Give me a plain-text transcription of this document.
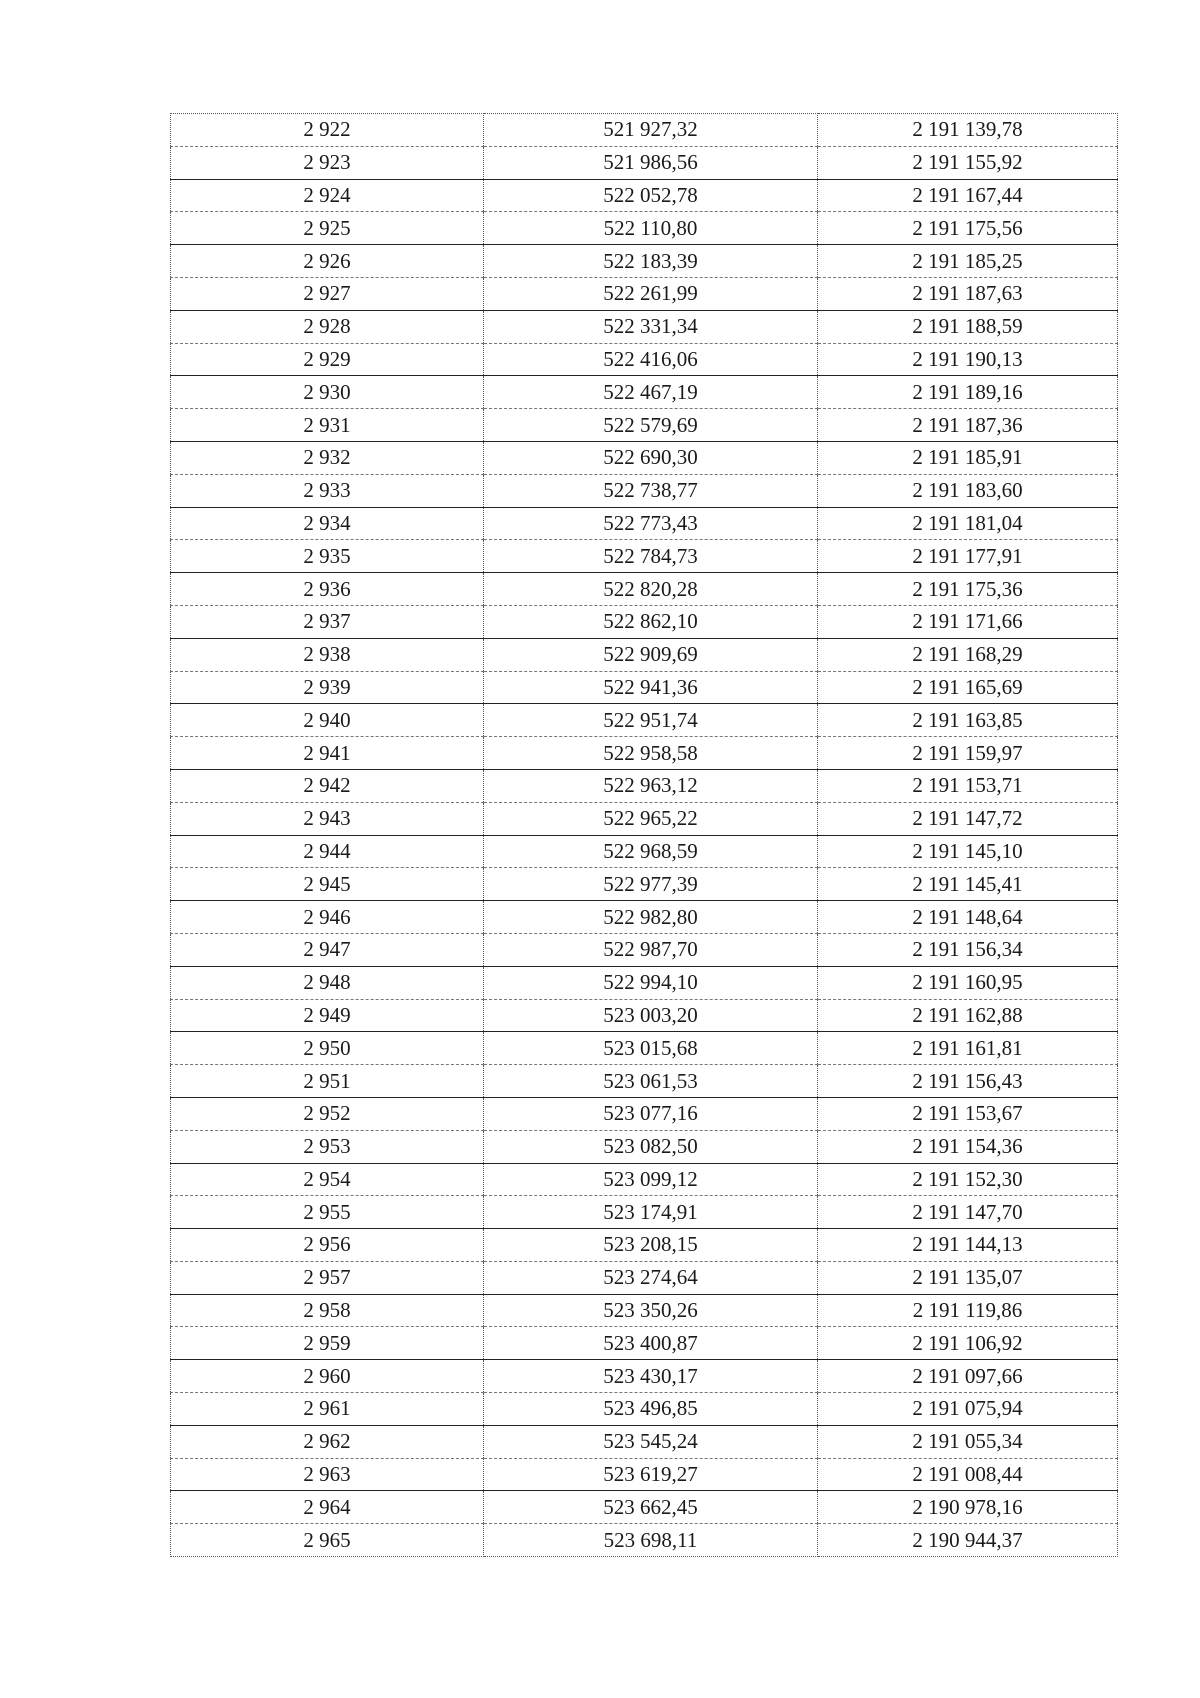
2 922	521 927,32	2 191 139,78
2 923	521 986,56	2 191 155,92
2 924	522 052,78	2 191 167,44
2 925	522 110,80	2 191 175,56
2 926	522 183,39	2 191 185,25
2 927	522 261,99	2 191 187,63
2 928	522 331,34	2 191 188,59
2 929	522 416,06	2 191 190,13
2 930	522 467,19	2 191 189,16
2 931	522 579,69	2 191 187,36
2 932	522 690,30	2 191 185,91
2 933	522 738,77	2 191 183,60
2 934	522 773,43	2 191 181,04
2 935	522 784,73	2 191 177,91
2 936	522 820,28	2 191 175,36
2 937	522 862,10	2 191 171,66
2 938	522 909,69	2 191 168,29
2 939	522 941,36	2 191 165,69
2 940	522 951,74	2 191 163,85
2 941	522 958,58	2 191 159,97
2 942	522 963,12	2 191 153,71
2 943	522 965,22	2 191 147,72
2 944	522 968,59	2 191 145,10
2 945	522 977,39	2 191 145,41
2 946	522 982,80	2 191 148,64
2 947	522 987,70	2 191 156,34
2 948	522 994,10	2 191 160,95
2 949	523 003,20	2 191 162,88
2 950	523 015,68	2 191 161,81
2 951	523 061,53	2 191 156,43
2 952	523 077,16	2 191 153,67
2 953	523 082,50	2 191 154,36
2 954	523 099,12	2 191 152,30
2 955	523 174,91	2 191 147,70
2 956	523 208,15	2 191 144,13
2 957	523 274,64	2 191 135,07
2 958	523 350,26	2 191 119,86
2 959	523 400,87	2 191 106,92
2 960	523 430,17	2 191 097,66
2 961	523 496,85	2 191 075,94
2 962	523 545,24	2 191 055,34
2 963	523 619,27	2 191 008,44
2 964	523 662,45	2 190 978,16
2 965	523 698,11	2 190 944,37
